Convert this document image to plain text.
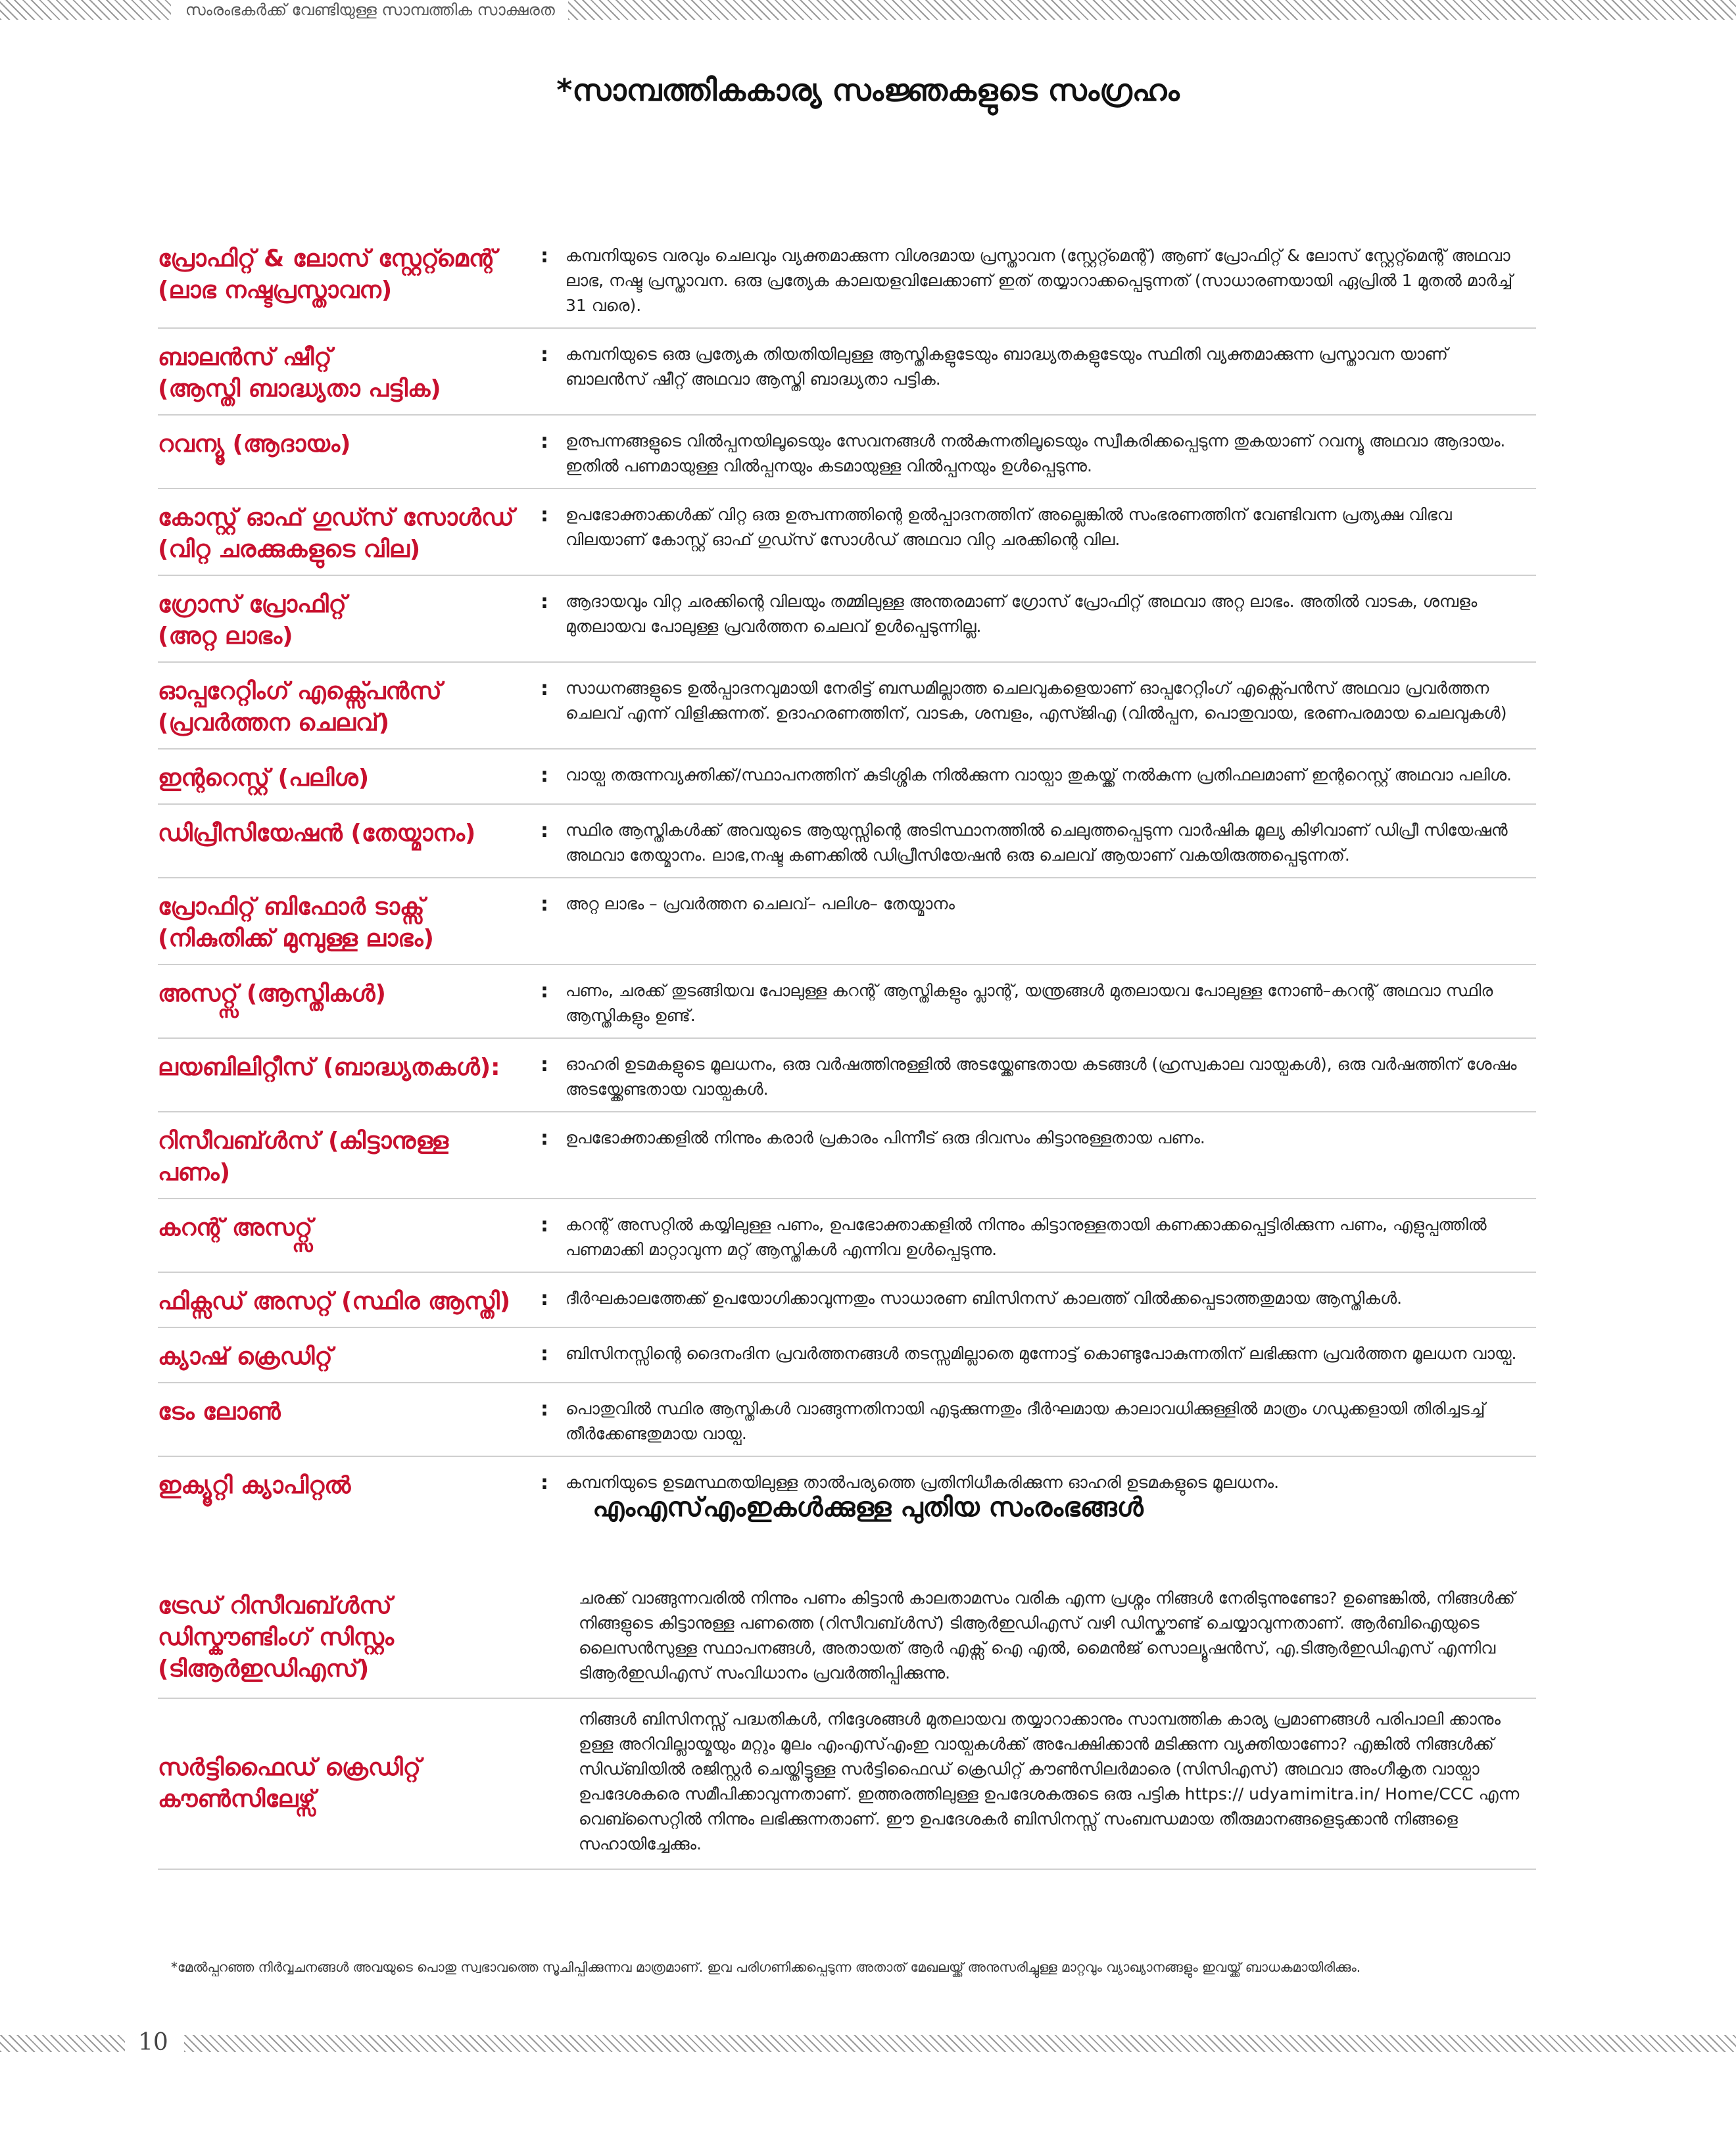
സംരംഭകർക്ക് വേണ്ടിയുള്ള സാമ്പത്തിക സാക്ഷരത
*സാമ്പത്തികകാര്യ സംജ്ഞകളുടെ സംഗ്രഹം
പ്രോഫിറ്റ് & ലോസ് സ്റ്റേറ്റ്മെന്റ്
(ലാഭ നഷ്ടപ്രസ്താവന)
:	കമ്പനിയുടെ വരവും ചെലവും വ്യക്തമാക്കുന്ന വിശദമായ പ്രസ്താവന (സ്റ്റേറ്റ്മെന്റ്) ആണ് പ്രോഫിറ്റ് & ലോസ് സ്റ്റേറ്റ്മെന്റ് അഥവാ ലാഭ, നഷ്ട പ്രസ്താവന. ഒരു പ്രത്യേക കാലയളവിലേക്കാണ് ഇത് തയ്യാറാക്കപ്പെടുന്നത് (സാധാരണയായി ഏപ്രിൽ 1 മുതൽ മാർച്ച് 31 വരെ).
ബാലൻസ് ഷീറ്റ്
(ആസ്തി ബാദ്ധ്യതാ പട്ടിക)
:	കമ്പനിയുടെ ഒരു പ്രത്യേക തിയതിയിലുള്ള ആസ്തികളുടേയും ബാദ്ധ്യതകളുടേയും സ്ഥിതി വ്യക്തമാക്കുന്ന പ്രസ്താവന യാണ് ബാലൻസ് ഷീറ്റ് അഥവാ ആസ്തി ബാദ്ധ്യതാ പട്ടിക.
റവന്യൂ (ആദായം)	:	ഉത്പന്നങ്ങളുടെ വിൽപ്പനയിലൂടെയും സേവനങ്ങൾ നൽകുന്നതിലൂടെയും സ്വീകരിക്കപ്പെടുന്ന തുകയാണ് റവന്യൂ അഥവാ ആദായം. ഇതിൽ പണമായുള്ള വിൽപ്പനയും കടമായുള്ള വിൽപ്പനയും ഉൾപ്പെടുന്നു.
കോസ്റ്റ് ഓഫ് ഗുഡ്സ് സോൾഡ്
(വിറ്റ ചരക്കുകളുടെ വില)
:	ഉപഭോക്താക്കൾക്ക് വിറ്റ ഒരു ഉത്പന്നത്തിന്റെ ഉൽപ്പാദനത്തിന് അല്ലെങ്കിൽ സംഭരണത്തിന് വേണ്ടിവന്ന പ്രത്യക്ഷ വിഭവ വിലയാണ് കോസ്റ്റ് ഓഫ് ഗുഡ്സ് സോൾഡ് അഥവാ വിറ്റ ചരക്കിന്റെ വില.
ഗ്രോസ് പ്രോഫിറ്റ്
(അറ്റ ലാഭം)
:	ആദായവും വിറ്റ ചരക്കിന്റെ വിലയും തമ്മിലുള്ള അന്തരമാണ് ഗ്രോസ് പ്രോഫിറ്റ് അഥവാ അറ്റ ലാഭം. അതിൽ വാടക, ശമ്പളം മുതലായവ പോലുള്ള പ്രവർത്തന ചെലവ് ഉൾപ്പെടുന്നില്ല.
ഓപ്പറേറ്റിംഗ് എക്സ്പെൻസ്
(പ്രവർത്തന ചെലവ്)
:	സാധനങ്ങളുടെ ഉൽപ്പാദനവുമായി നേരിട്ട് ബന്ധമില്ലാത്ത ചെലവുകളെയാണ് ഓപ്പറേറ്റിംഗ് എക്സ്പെൻസ് അഥവാ പ്രവർത്തന ചെലവ് എന്ന് വിളിക്കുന്നത്. ഉദാഹരണത്തിന്, വാടക, ശമ്പളം, എസ്ജിഎ (വിൽപ്പന, പൊതുവായ, ഭരണപരമായ ചെലവുകൾ)
ഇന്ററെസ്റ്റ് (പലിശ)	:	വായ്പ തരുന്നവ്യക്തിക്ക്/സ്ഥാപനത്തിന് കുടിശ്ശിക നിൽക്കുന്ന വായ്പാ തുകയ്ക്ക് നൽകുന്ന പ്രതിഫലമാണ് ഇന്ററെസ്റ്റ് അഥവാ പലിശ.
ഡിപ്രീസിയേഷൻ (തേയ്മാനം)	:	സ്ഥിര ആസ്തികൾക്ക് അവയുടെ ആയുസ്സിന്റെ അടിസ്ഥാനത്തിൽ ചെലുത്തപ്പെടുന്ന വാർഷിക മൂല്യ കിഴിവാണ് ഡിപ്രീ സിയേഷൻ അഥവാ തേയ്മാനം. ലാഭ,നഷ്ട കണക്കിൽ ഡിപ്രീസിയേഷൻ ഒരു ചെലവ് ആയാണ് വകയിരുത്തപ്പെടുന്നത്.
പ്രോഫിറ്റ് ബിഫോർ ടാക്സ്
(നികുതിക്ക് മുമ്പുള്ള ലാഭം)
:	അറ്റ ലാഭം – പ്രവർത്തന ചെലവ്– പലിശ– തേയ്മാനം
അസറ്റ്സ് (ആസ്തികൾ)	:	പണം, ചരക്ക് തുടങ്ങിയവ പോലുള്ള കറന്റ് ആസ്തികളും പ്ലാന്റ്, യന്ത്രങ്ങൾ മുതലായവ പോലുള്ള നോൺ–കറന്റ് അഥവാ സ്ഥിര ആസ്തികളും ഉണ്ട്.
ലയബിലിറ്റീസ് (ബാദ്ധ്യതകൾ):	:	ഓഹരി ഉടമകളുടെ മൂലധനം, ഒരു വർഷത്തിനുള്ളിൽ അടയ്ക്കേണ്ടതായ കടങ്ങൾ (ഹ്രസ്വകാല വായ്പകൾ), ഒരു വർഷത്തിന് ശേഷം അടയ്ക്കേണ്ടതായ വായ്പകൾ.
റിസീവബ്ൾസ് (കിട്ടാനുള്ള പണം)
:	ഉപഭോക്താക്കളിൽ നിന്നും കരാർ പ്രകാരം പിന്നീട് ഒരു ദിവസം കിട്ടാനുള്ളതായ പണം.
കറന്റ് അസറ്റ്സ്	:	കറന്റ് അസറ്റിൽ കയ്യിലുള്ള പണം, ഉപഭോക്താക്കളിൽ നിന്നും കിട്ടാനുള്ളതായി കണക്കാക്കപ്പെട്ടിരിക്കുന്ന പണം, എളുപ്പത്തിൽ പണമാക്കി മാറ്റാവുന്ന മറ്റ് ആസ്തികൾ എന്നിവ ഉൾപ്പെടുന്നു.
ഫിക്സഡ് അസറ്റ് (സ്ഥിര ആസ്തി)	:	ദീർഘകാലത്തേക്ക് ഉപയോഗിക്കാവുന്നതും സാധാരണ ബിസിനസ് കാലത്ത് വിൽക്കപ്പെടാത്തതുമായ ആസ്തികൾ.
ക്യാഷ് ക്രെഡിറ്റ്	:	ബിസിനസ്സിന്റെ ദൈനംദിന പ്രവർത്തനങ്ങൾ തടസ്സമില്ലാതെ മുന്നോട്ട് കൊണ്ടുപോകുന്നതിന് ലഭിക്കുന്ന പ്രവർത്തന മൂലധന വായ്പ.
ടേം ലോൺ	:	പൊതുവിൽ സ്ഥിര ആസ്തികൾ വാങ്ങുന്നതിനായി എടുക്കുന്നതും ദീർഘമായ കാലാവധിക്കുള്ളിൽ മാത്രം ഗഡുക്കളായി തിരിച്ചടച്ച് തീർക്കേണ്ടതുമായ വായ്പ.
ഇക്യൂറ്റി ക്യാപിറ്റൽ	:	കമ്പനിയുടെ ഉടമസ്ഥതയിലുള്ള താൽപര്യത്തെ പ്രതിനിധീകരിക്കുന്ന ഓഹരി ഉടമകളുടെ മൂലധനം.
എംഎസ്എംഇകൾക്കുള്ള പുതിയ സംരംഭങ്ങൾ
ട്രേഡ് റിസീവബ്ൾസ്
ഡിസ്കൗണ്ടിംഗ് സിസ്റ്റം
(ടിആർഇഡിഎസ്)
ചരക്ക് വാങ്ങുന്നവരിൽ നിന്നും പണം കിട്ടാൻ കാലതാമസം വരിക എന്ന പ്രശ്നം നിങ്ങൾ നേരിടുന്നുണ്ടോ? ഉണ്ടെങ്കിൽ, നിങ്ങൾക്ക് നിങ്ങളുടെ കിട്ടാനുള്ള പണത്തെ (റിസീവബ്ൾസ്) ടിആർഇഡിഎസ് വഴി ഡിസ്കൗണ്ട് ചെയ്യാവുന്നതാണ്. ആർബിഐയുടെ ലൈസൻസുള്ള സ്ഥാപനങ്ങൾ, അതായത് ആർ എക്സ് ഐ എൽ, മൈൻജ് സൊല്യൂഷൻസ്, എ.ടിആർഇഡിഎസ് എന്നിവ ടിആർഇഡിഎസ് സംവിധാനം പ്രവർത്തിപ്പിക്കുന്നു.
സർട്ടിഫൈഡ് ക്രെഡിറ്റ്
കൗൺസിലേഴ്സ്
നിങ്ങൾ ബിസിനസ്സ് പദ്ധതികൾ, നിദ്ദേശങ്ങൾ മുതലായവ തയ്യാറാക്കാനും സാമ്പത്തിക കാര്യ പ്രമാണങ്ങൾ പരിപാലി ക്കാനും ഉള്ള അറിവില്ലായ്മയും മറ്റും മൂലം എംഎസ്എംഇ വായ്പകൾക്ക് അപേക്ഷിക്കാൻ മടിക്കുന്ന വ്യക്തിയാണോ? എങ്കിൽ നിങ്ങൾക്ക് സിഡ്ബിയിൽ രജിസ്റ്റർ ചെയ്തിട്ടുള്ള സർട്ടിഫൈഡ് ക്രെഡിറ്റ് കൗൺസിലർമാരെ (സിസിഎസ്) അഥവാ അംഗീകൃത വായ്പാ ഉപദേശകരെ സമീപിക്കാവുന്നതാണ്. ഇത്തരത്തിലുള്ള ഉപദേശകരുടെ ഒരു പട്ടിക https:// udyamimitra.in/ Home/CCC എന്ന വെബ്സൈറ്റിൽ നിന്നും ലഭിക്കുന്നതാണ്. ഈ ഉപദേശകർ ബിസിനസ്സ് സംബന്ധമായ തീരുമാനങ്ങളെടുക്കാൻ നിങ്ങളെ സഹായിച്ചേക്കും.
*മേൽപ്പറഞ്ഞ നിർവ്വചനങ്ങൾ അവയുടെ പൊതു സ്വഭാവത്തെ സൂചിപ്പിക്കുന്നവ മാത്രമാണ്. ഇവ പരിഗണിക്കപ്പെടുന്ന അതാത് മേഖലയ്ക്ക് അനുസരിച്ചുള്ള മാറ്റവും വ്യാഖ്യാനങ്ങളും ഇവയ്ക്ക് ബാധകമായിരിക്കും.
10
